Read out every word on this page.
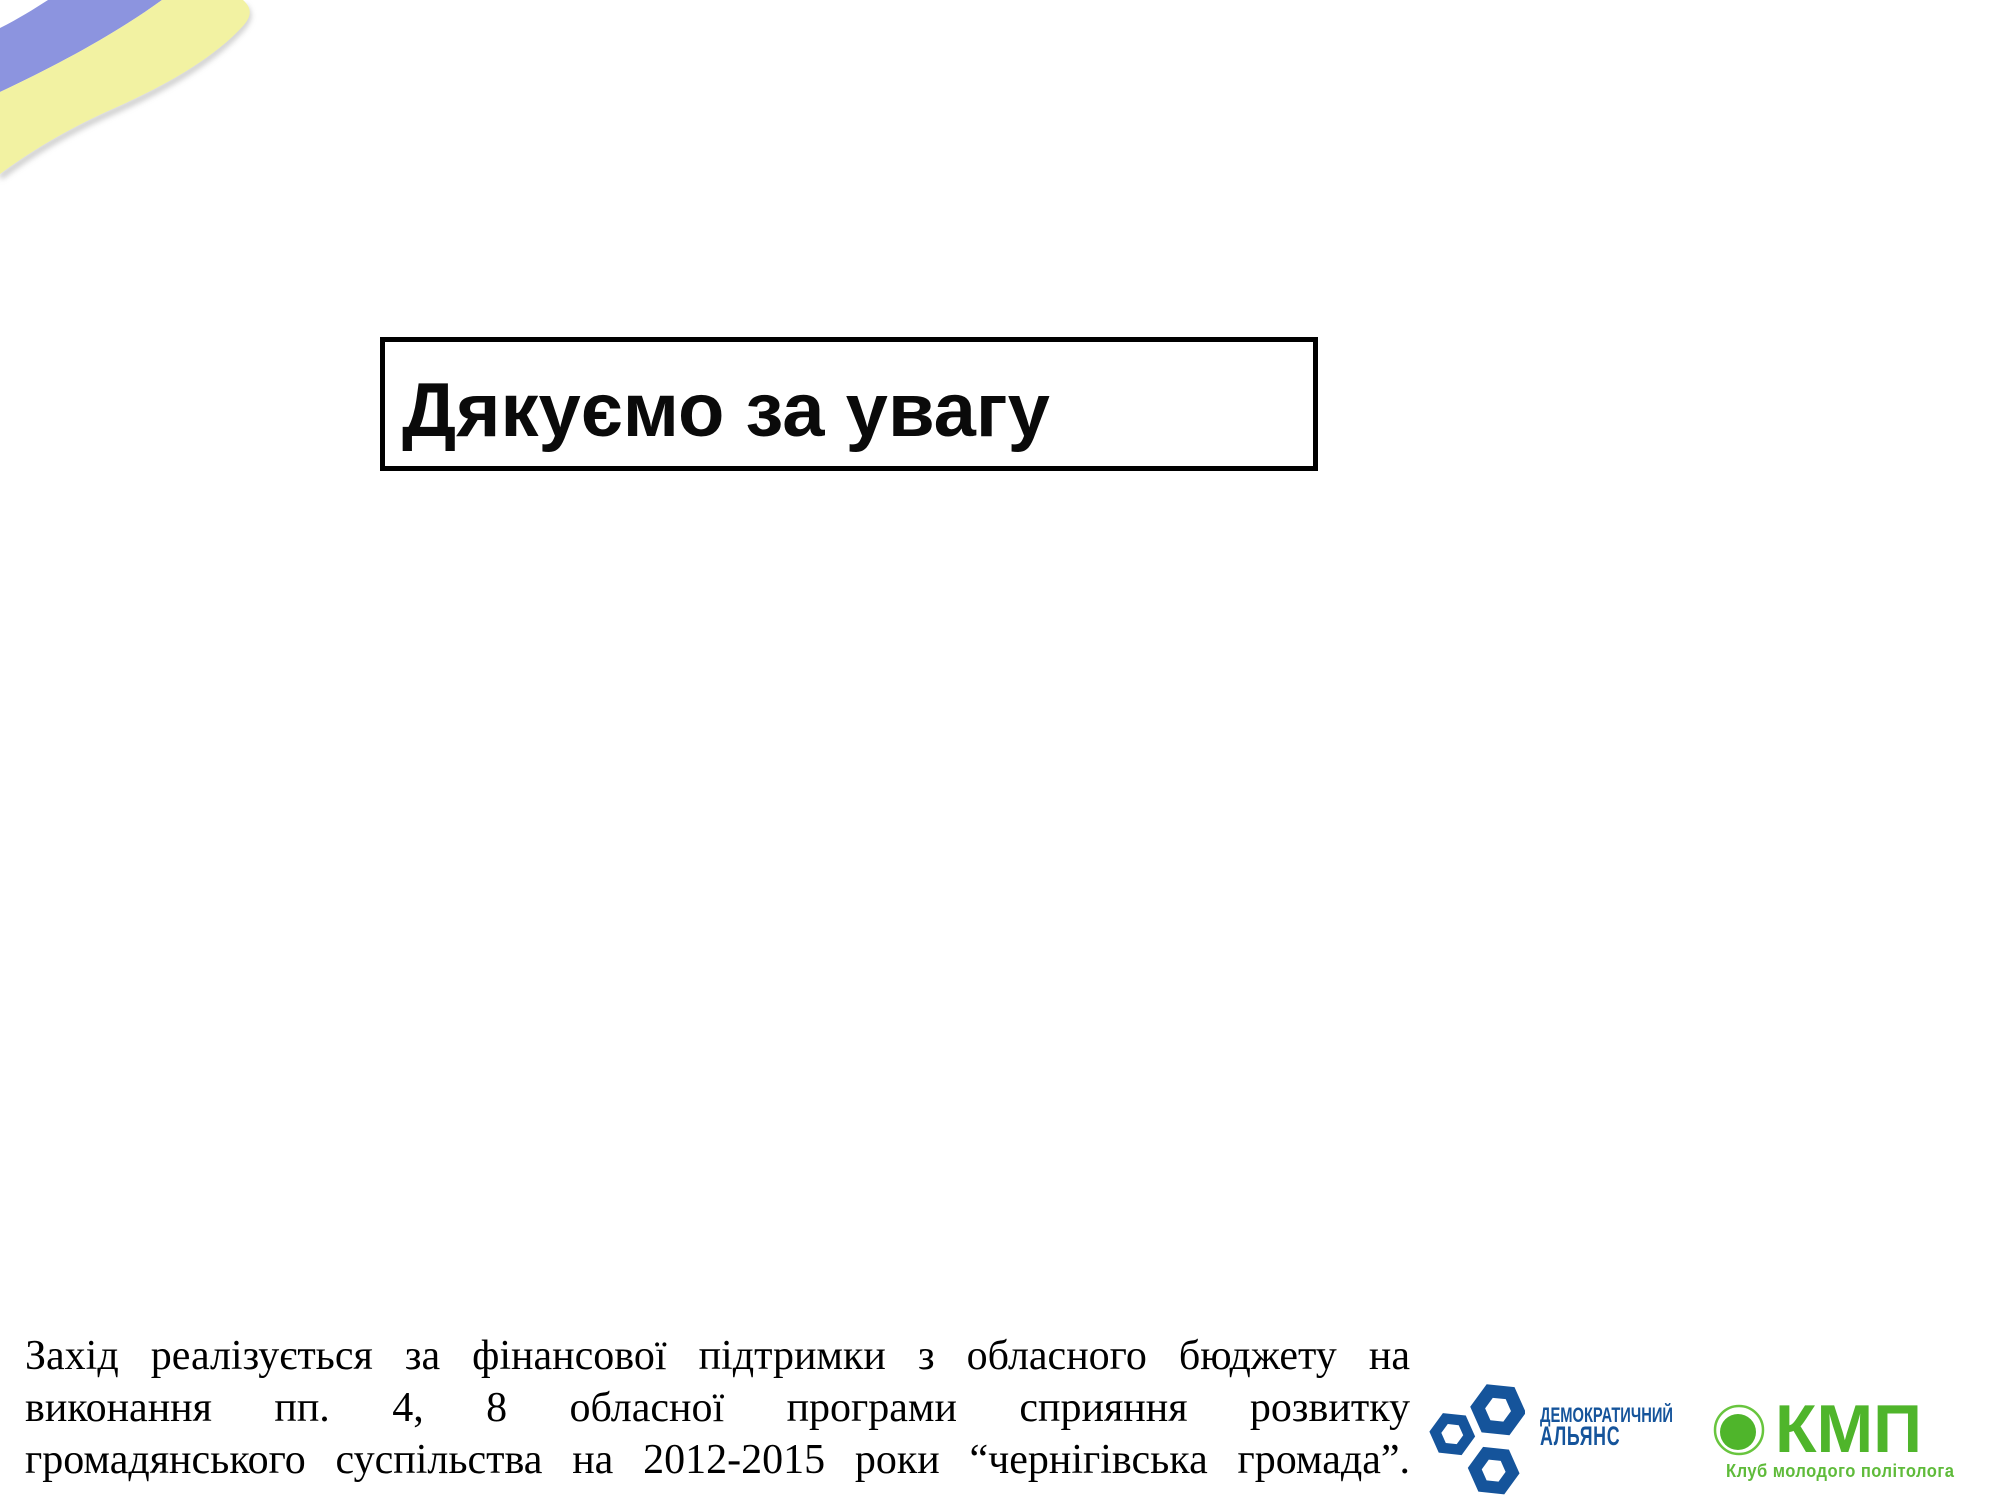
Дякуємо за увагу
Захід реалізується за фінансової підтримки з обласного бюджету на
виконання пп. 4, 8 обласної програми сприяння розвитку
громадянського суспільства на 2012-2015 роки “чернігівська громада”.
ДЕМОКРАТИЧНИЙ
АЛЬЯНС	КМП
Клуб молодого політолога
